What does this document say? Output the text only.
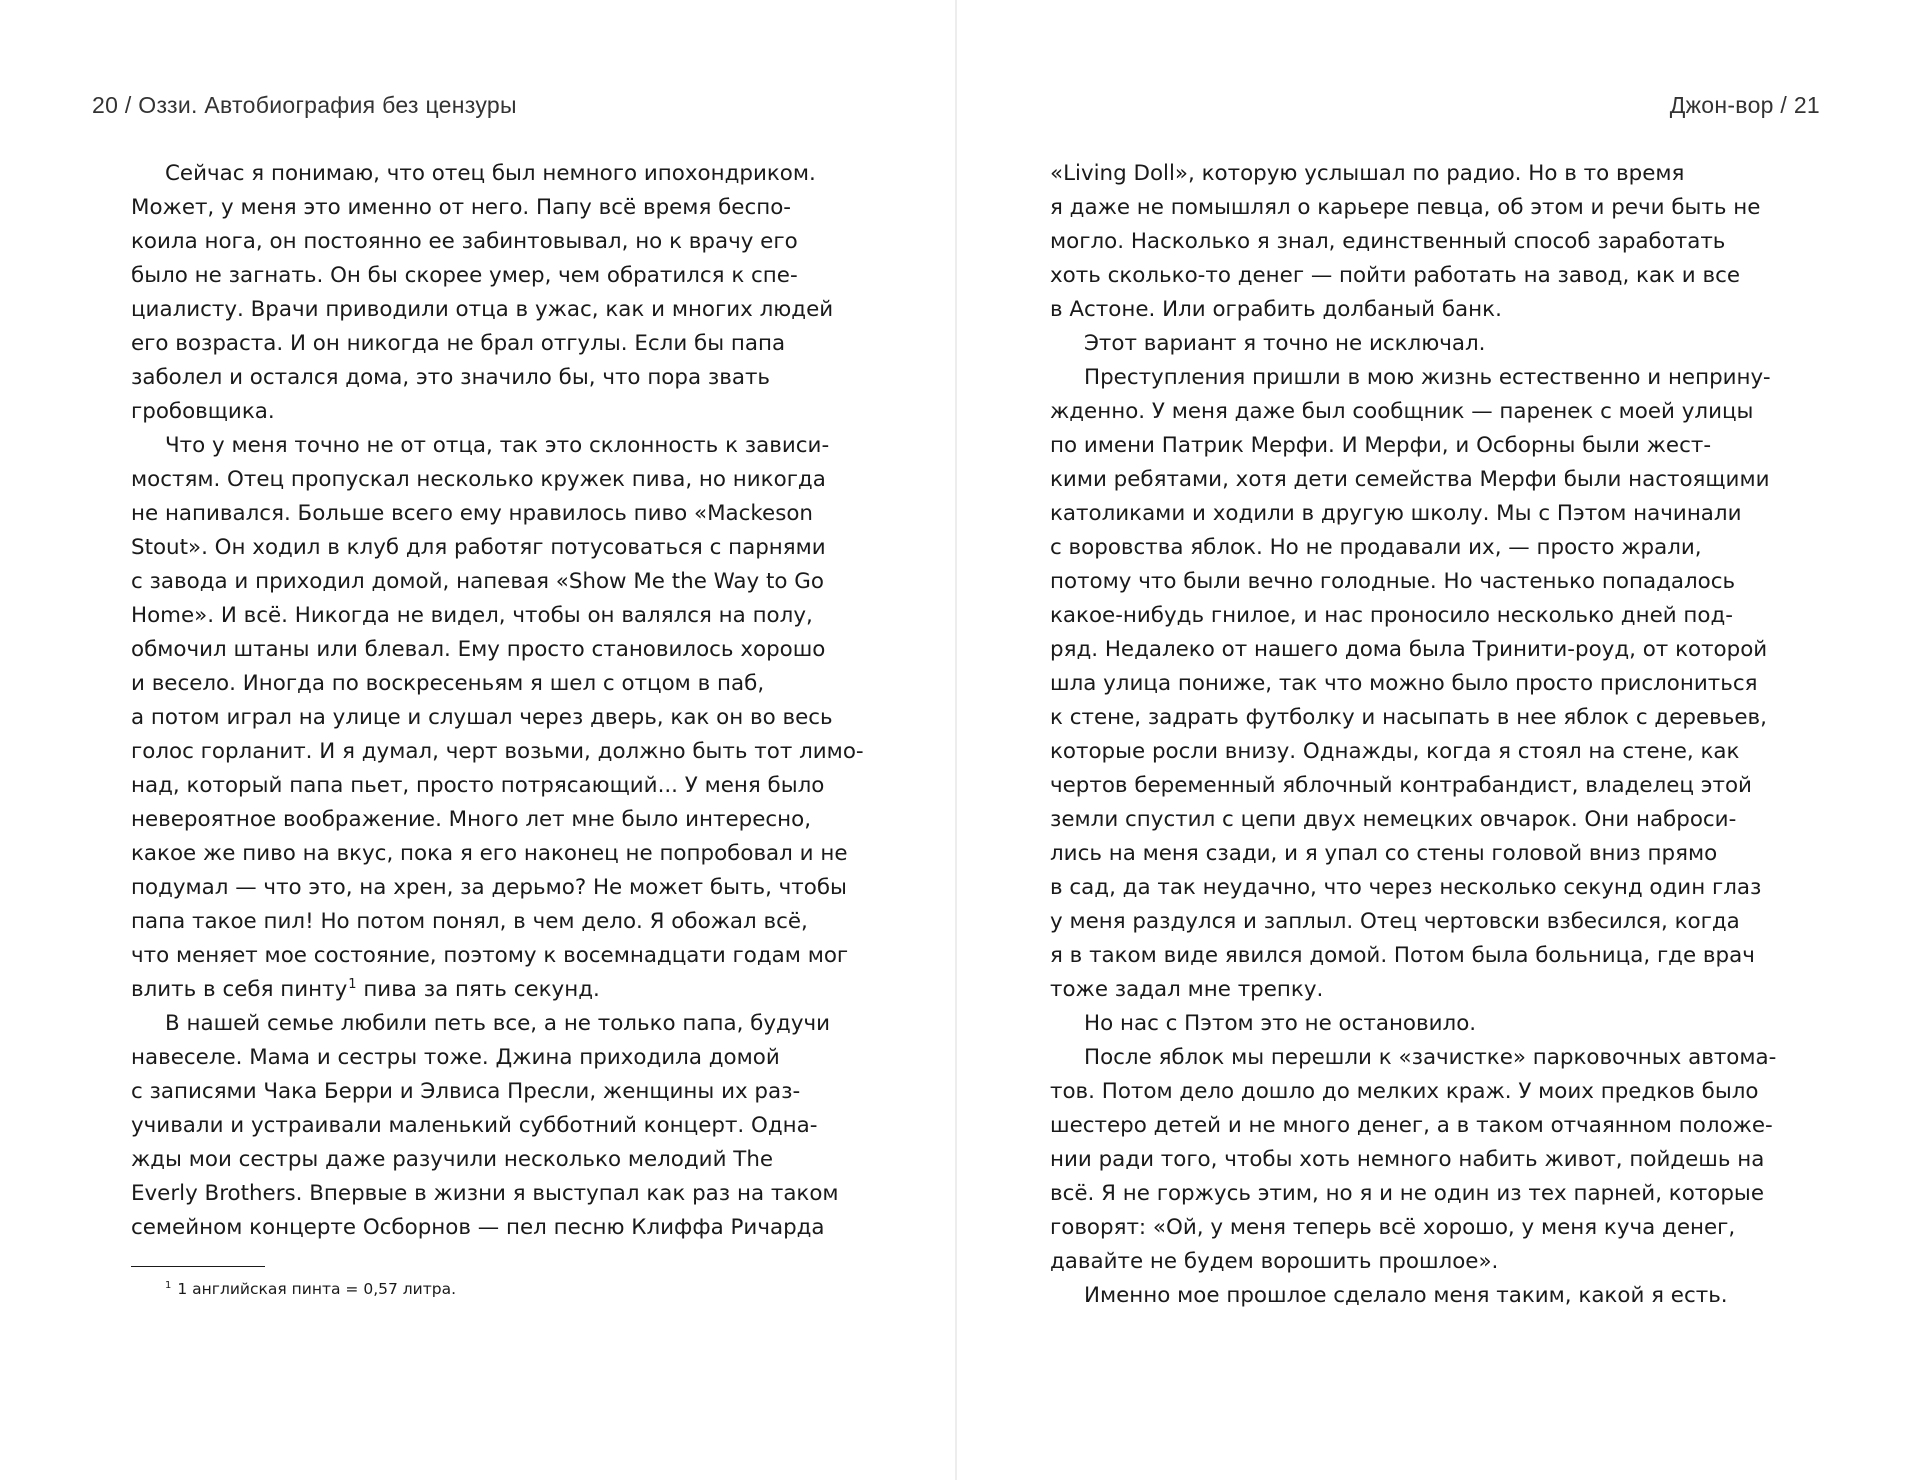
20 / Оззи. Автобиография без цензуры
Сейчас я понимаю, что отец был немного ипохондриком.
Может, у меня это именно от него. Папу всё время беспо-
коила нога, он постоянно ее забинтовывал, но к врачу его
было не загнать. Он бы скорее умер, чем обратился к спе-
циалисту. Врачи приводили отца в ужас, как и многих людей
его возраста. И он никогда не брал отгулы. Если бы папа
заболел и остался дома, это значило бы, что пора звать
гробовщика.
Что у меня точно не от отца, так это склонность к зависи-
мостям. Отец пропускал несколько кружек пива, но никогда
не напивался. Больше всего ему нравилось пиво «Mackeson
Stout». Он ходил в клуб для работяг потусоваться с парнями
с завода и приходил домой, напевая «Show Me the Way to Go
Home». И всё. Никогда не видел, чтобы он валялся на полу,
обмочил штаны или блевал. Ему просто становилось хорошо
и весело. Иногда по воскресеньям я шел с отцом в паб,
а потом играл на улице и слушал через дверь, как он во весь
голос горланит. И я думал, черт возьми, должно быть тот лимо-
над, который папа пьет, просто потрясающий... У меня было
невероятное воображение. Много лет мне было интересно,
какое же пиво на вкус, пока я его наконец не попробовал и не
подумал — что это, на хрен, за дерьмо? Не может быть, чтобы
папа такое пил! Но потом понял, в чем дело. Я обожал всё,
что меняет мое состояние, поэтому к восемнадцати годам мог
влить в себя пинту$^1$ пива за пять секунд.
В нашей семье любили петь все, а не только папа, будучи
навеселе. Мама и сестры тоже. Джина приходила домой
с записями Чака Берри и Элвиса Пресли, женщины их раз-
учивали и устраивали маленький субботний концерт. Одна-
жды мои сестры даже разучили несколько мелодий The
Everly Brothers. Впервые в жизни я выступал как раз на таком
семейном концерте Осборнов — пел песню Клиффа Ричарда
$^1$ 1 английская пинта = 0,57 литра.
Джон-вор / 21
«Living Doll», которую услышал по радио. Но в то время
я даже не помышлял о карьере певца, об этом и речи быть не
могло. Насколько я знал, единственный способ заработать
хоть сколько-то денег — пойти работать на завод, как и все
в Астоне. Или ограбить долбаный банк.
Этот вариант я точно не исключал.
Преступления пришли в мою жизнь естественно и непринy-
жденно. У меня даже был сообщник — паренек с моей улицы
по имени Патрик Мерфи. И Мерфи, и Осборны были жест-
кими ребятами, хотя дети семейства Мерфи были настоящими
католиками и ходили в другую школу. Мы с Пэтом начинали
с воровства яблок. Но не продавали их, — просто жрали,
потому что были вечно голодные. Но частенько попадалось
какое-нибудь гнилое, и нас проносило несколько дней под-
ряд. Недалеко от нашего дома была Тринити-роуд, от которой
шла улица пониже, так что можно было просто прислониться
к стене, задрать футболку и насыпать в нее яблок с деревьев,
которые росли внизу. Однажды, когда я стоял на стене, как
чертов беременный яблочный контрабандист, владелец этой
земли спустил с цепи двух немецких овчарок. Они наброси-
лись на меня сзади, и я упал со стены головой вниз прямо
в сад, да так неудачно, что через несколько секунд один глаз
у меня раздулся и заплыл. Отец чертовски взбесился, когда
я в таком виде явился домой. Потом была больница, где врач
тоже задал мне трепку.
Но нас с Пэтом это не остановило.
После яблок мы перешли к «зачистке» парковочных автома-
тов. Потом дело дошло до мелких краж. У моих предков было
шестеро детей и не много денег, а в таком отчаянном положе-
нии ради того, чтобы хоть немного набить живот, пойдешь на
всё. Я не горжусь этим, но я и не один из тех парней, которые
говорят: «Ой, у меня теперь всё хорошо, у меня куча денег,
давайте не будем ворошить прошлое».
Именно мое прошлое сделало меня таким, какой я есть.
